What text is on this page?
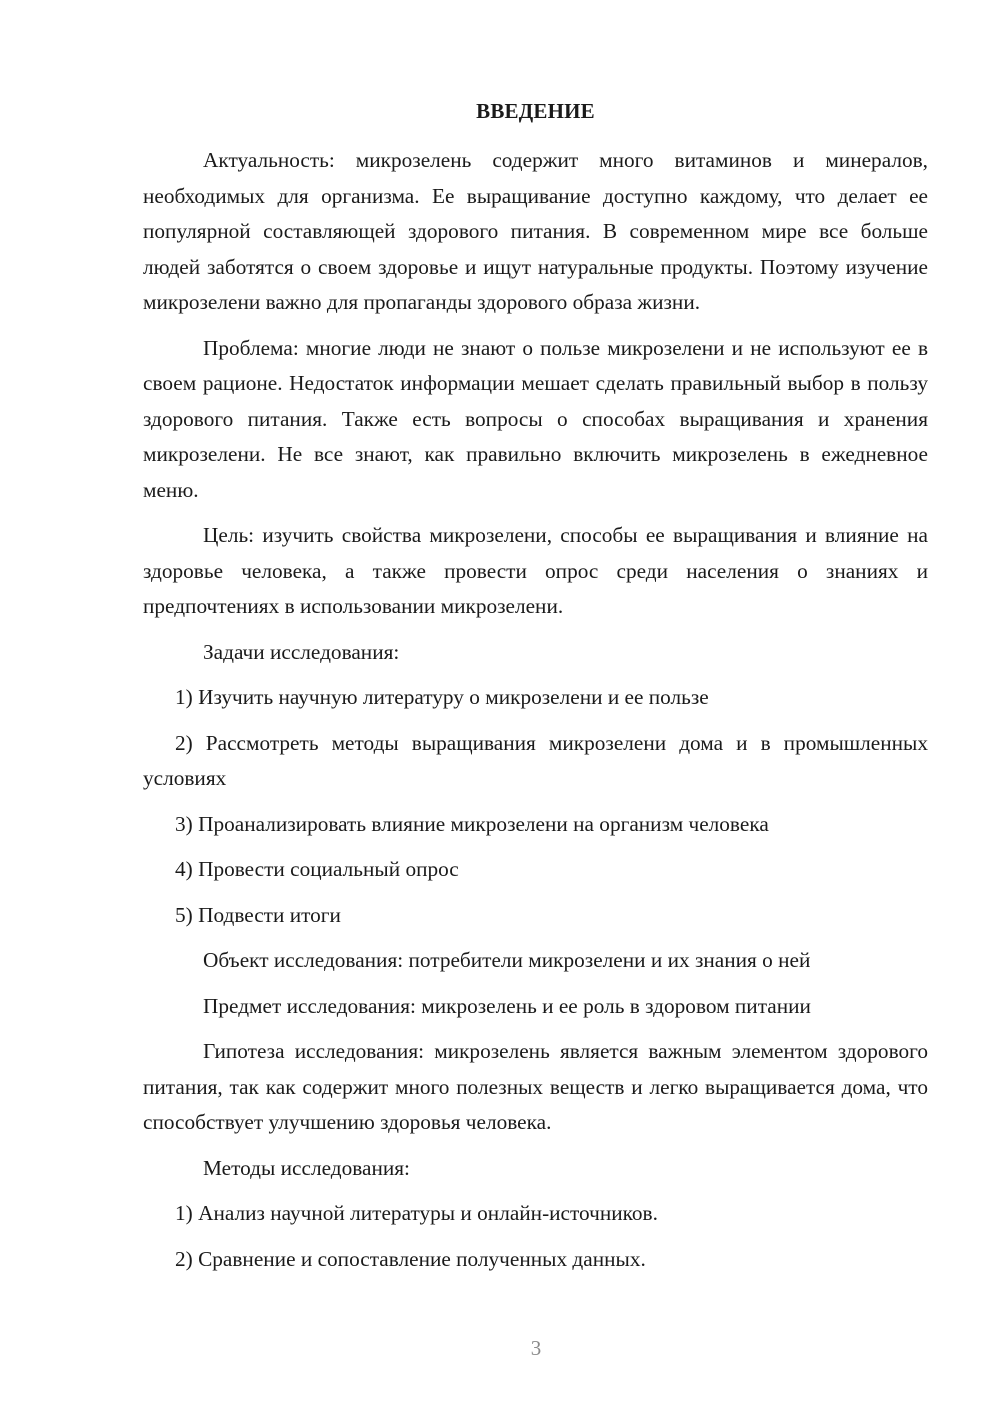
ВВЕДЕНИЕ

Актуальность: микрозелень содержит много витаминов и минералов, необходимых для организма. Ее выращивание доступно каждому, что делает ее популярной составляющей здорового питания. В современном мире все больше людей заботятся о своем здоровье и ищут натуральные продукты. Поэтому изучение микрозелени важно для пропаганды здорового образа жизни.

Проблема: многие люди не знают о пользе микрозелени и не используют ее в своем рационе. Недостаток информации мешает сделать правильный выбор в пользу здорового питания. Также есть вопросы о способах выращивания и хранения микрозелени. Не все знают, как правильно включить микрозелень в ежедневное меню.

Цель: изучить свойства микрозелени, способы ее выращивания и влияние на здоровье человека, а также провести опрос среди населения о знаниях и предпочтениях в использовании микрозелени.

Задачи исследования:

1) Изучить научную литературу о микрозелени и ее пользе

2) Рассмотреть методы выращивания микрозелени дома и в промышленных условиях

3) Проанализировать влияние микрозелени на организм человека

4) Провести социальный опрос

5) Подвести итоги

Объект исследования: потребители микрозелени и их знания о ней

Предмет исследования: микрозелень и ее роль в здоровом питании

Гипотеза исследования: микрозелень является важным элементом здорового питания, так как содержит много полезных веществ и легко выращивается дома, что способствует улучшению здоровья человека.

Методы исследования:

1) Анализ научной литературы и онлайн-источников.

2) Сравнение и сопоставление полученных данных.

3
